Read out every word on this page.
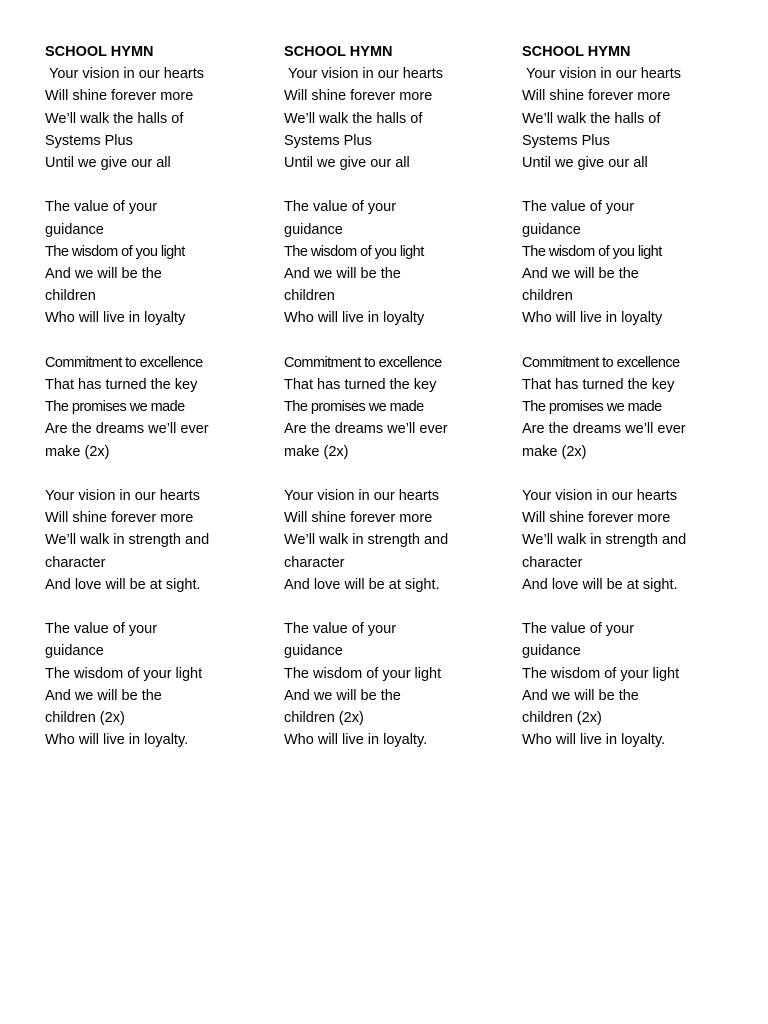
SCHOOL HYMN

Your vision in our hearts
Will shine forever more
We’ll walk the halls of
Systems Plus
Until we give our all
The value of your
guidance
The wisdom of you light
And we will be the
children
Who will live in loyalty
Commitment to excellence
That has turned the key
The promises we made
Are the dreams we’ll ever
make (2x)
Your vision in our hearts
Will shine forever more
We’ll walk in strength and
character
And love will be at sight.
The value of your
guidance
The wisdom of your light
And we will be the
children (2x)
Who will live in loyalty.

SCHOOL HYMN

Your vision in our hearts
Will shine forever more
We’ll walk the halls of
Systems Plus
Until we give our all
The value of your
guidance
The wisdom of you light
And we will be the
children
Who will live in loyalty
Commitment to excellence
That has turned the key
The promises we made
Are the dreams we’ll ever
make (2x)
Your vision in our hearts
Will shine forever more
We’ll walk in strength and
character
And love will be at sight.
The value of your
guidance
The wisdom of your light
And we will be the
children (2x)
Who will live in loyalty.

SCHOOL HYMN

Your vision in our hearts
Will shine forever more
We’ll walk the halls of
Systems Plus
Until we give our all
The value of your
guidance
The wisdom of you light
And we will be the
children
Who will live in loyalty
Commitment to excellence
That has turned the key
The promises we made
Are the dreams we’ll ever
make (2x)
Your vision in our hearts
Will shine forever more
We’ll walk in strength and
character
And love will be at sight.
The value of your
guidance
The wisdom of your light
And we will be the
children (2x)
Who will live in loyalty.
